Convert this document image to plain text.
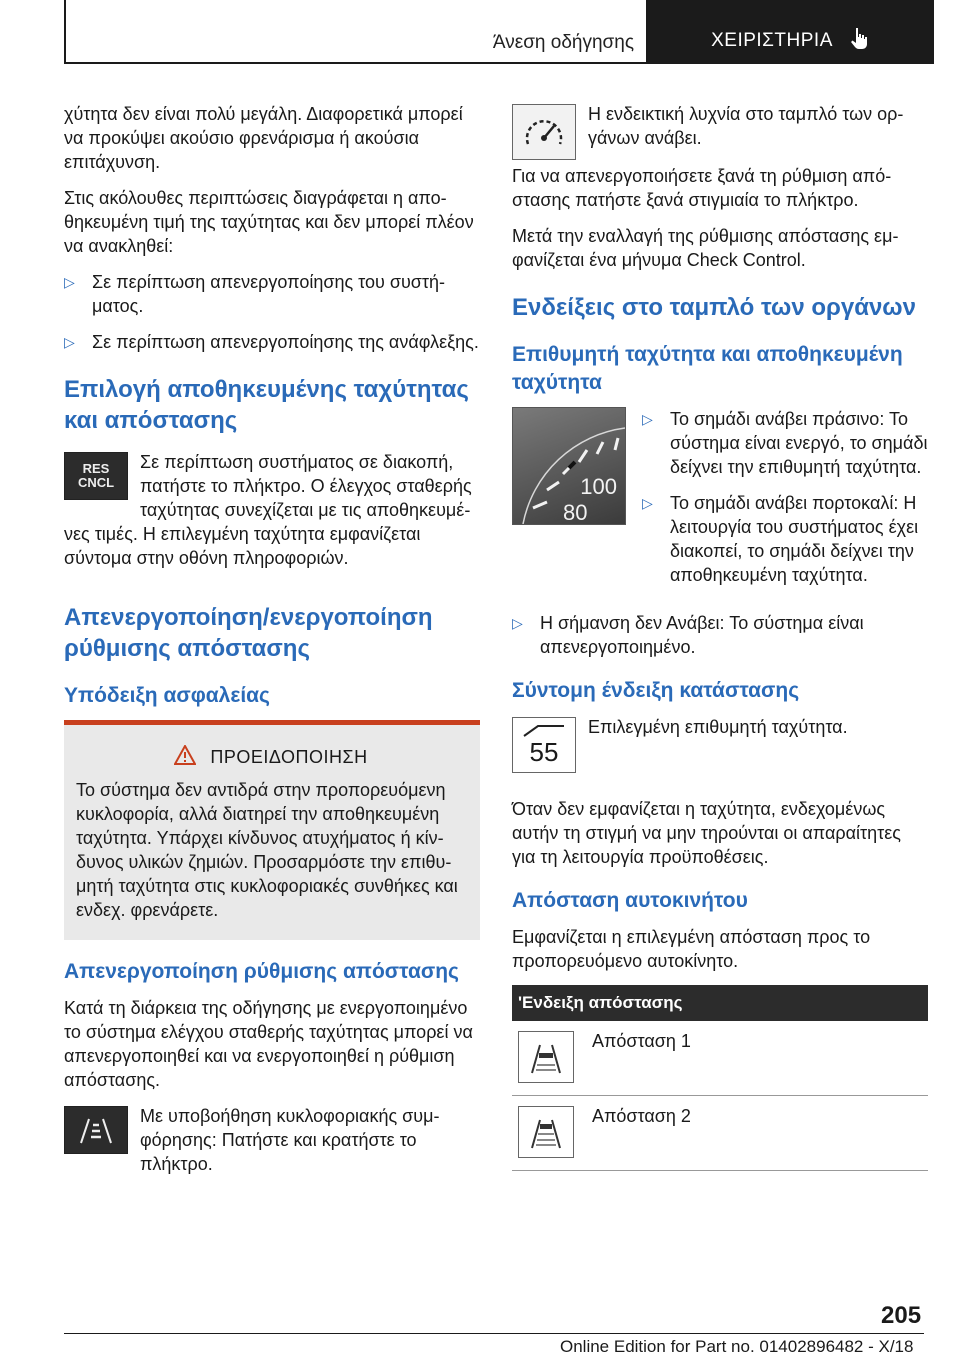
Άνεση οδήγησης	ΧΕΙΡΙΣΤΗΡΙΑ

χύτητα δεν είναι πολύ μεγάλη. Διαφορετικά μπορεί να προκύψει ακούσιο φρενάρισμα ή ακούσια επιτάχυνση.

Στις ακόλουθες περιπτώσεις διαγράφεται η αποθηκευμένη τιμή της ταχύτητας και δεν μπορεί πλέον να ανακληθεί:

▷ Σε περίπτωση απενεργοποίησης του συστήματος.
▷ Σε περίπτωση απενεργοποίησης της ανάφλεξης.
Επιλογή αποθηκευμένης ταχύτητας και απόστασης
RES
CNCL

Σε περίπτωση συστήματος σε διακοπή, πατήστε το πλήκτρο. Ο έλεγχος σταθερής ταχύτητας συνεχίζεται με τις αποθηκευμένες τιμές. Η επιλεγμένη ταχύτητα εμφανίζεται σύντομα στην οθόνη πληροφοριών.

Απενεργοποίηση/ενεργοποίηση ρύθμισης απόστασης
Υπόδειξη ασφαλείας
ΠΡΟΕΙΔΟΠΟΙΗΣΗ

Το σύστημα δεν αντιδρά στην προπορευόμενη κυκλοφορία, αλλά διατηρεί την αποθηκευμένη ταχύτητα. Υπάρχει κίνδυνος ατυχήματος ή κίνδυνος υλικών ζημιών. Προσαρμόστε την επιθυμητή ταχύτητα στις κυκλοφοριακές συνθήκες και ενδεχ. φρενάρετε.

Απενεργοποίηση ρύθμισης απόστασης

Κατά τη διάρκεια της οδήγησης με ενεργοποιημένο το σύστημα ελέγχου σταθερής ταχύτητας μπορεί να απενεργοποιηθεί και να ενεργοποιηθεί η ρύθμιση απόστασης.

Με υποβοήθηση κυκλοφοριακής συμφόρησης: Πατήστε και κρατήστε το πλήκτρο.

Η ενδεικτική λυχνία στο ταμπλό των οργάνων ανάβει.

Για να απενεργοποιήσετε ξανά τη ρύθμιση απόστασης πατήστε ξανά στιγμιαία το πλήκτρο.

Μετά την εναλλαγή της ρύθμισης απόστασης εμφανίζεται ένα μήνυμα Check Control.

Ενδείξεις στο ταμπλό των οργάνων
Επιθυμητή ταχύτητα και αποθηκευμένη ταχύτητα
100
80
▷ Το σημάδι ανάβει πράσινο: Το σύστημα είναι ενεργό, το σημάδι δείχνει την επιθυμητή ταχύτητα.
▷ Το σημάδι ανάβει πορτοκαλί: Η λειτουργία του συστήματος έχει διακοπεί, το σημάδι δείχνει την αποθηκευμένη ταχύτητα.
▷ Η σήμανση δεν Ανάβει: Το σύστημα είναι απενεργοποιημένο.
Σύντομη ένδειξη κατάστασης
55

Επιλεγμένη επιθυμητή ταχύτητα.

Όταν δεν εμφανίζεται η ταχύτητα, ενδεχομένως αυτήν τη στιγμή να μην τηρούνται οι απαραίτητες για τη λειτουργία προϋποθέσεις.

Απόσταση αυτοκινήτου

Εμφανίζεται η επιλεγμένη απόσταση προς το προπορευόμενο αυτοκίνητο.

'Ενδειξη απόστασης	

	Απόσταση 1

	Απόσταση 2
205
Online Edition for Part no. 01402896482 - X/18
